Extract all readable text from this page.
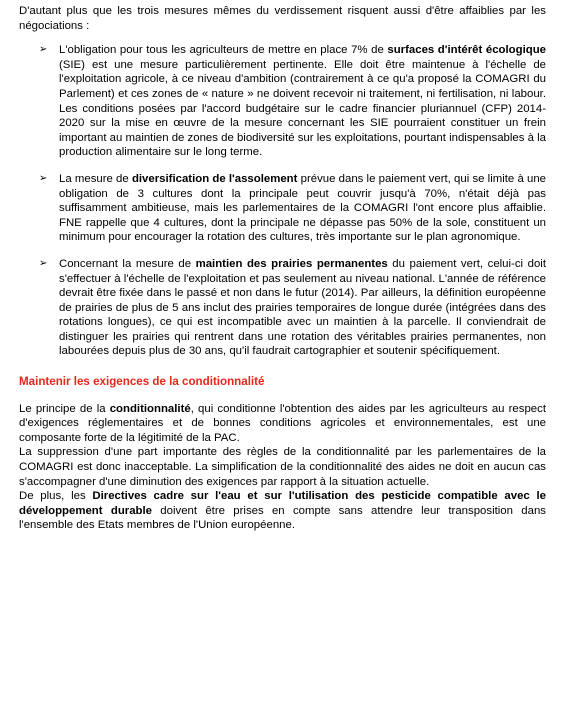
D'autant plus que les trois mesures mêmes du verdissement risquent aussi d'être affaiblies par les négociations :

➢ L'obligation pour tous les agriculteurs de mettre en place 7% de surfaces d'intérêt écologique (SIE) est une mesure particulièrement pertinente. Elle doit être maintenue à l'échelle de l'exploitation agricole, à ce niveau d'ambition (contrairement à ce qu'a proposé la COMAGRI du Parlement) et ces zones de « nature » ne doivent recevoir ni traitement, ni fertilisation, ni labour. Les conditions posées par l'accord budgétaire sur le cadre financier pluriannuel (CFP) 2014-2020 sur la mise en œuvre de la mesure concernant les SIE pourraient constituer un frein important au maintien de zones de biodiversité sur les exploitations, pourtant indispensables à la production alimentaire sur le long terme.
➢ La mesure de diversification de l'assolement prévue dans le paiement vert, qui se limite à une obligation de 3 cultures dont la principale peut couvrir jusqu'à 70%, n'était déjà pas suffisamment ambitieuse, mais les parlementaires de la COMAGRI l'ont encore plus affaiblie. FNE rappelle que 4 cultures, dont la principale ne dépasse pas 50% de la sole, constituent un minimum pour encourager la rotation des cultures, très importante sur le plan agronomique.
➢ Concernant la mesure de maintien des prairies permanentes du paiement vert, celui-ci doit s'effectuer à l'échelle de l'exploitation et pas seulement au niveau national. L'année de référence devrait être fixée dans le passé et non dans le futur (2014). Par ailleurs, la définition européenne de prairies de plus de 5 ans inclut des prairies temporaires de longue durée (intégrées dans des rotations longues), ce qui est incompatible avec un maintien à la parcelle. Il conviendrait de distinguer les prairies qui rentrent dans une rotation des véritables prairies permanentes, non labourées depuis plus de 30 ans, qu'il faudrait cartographier et soutenir spécifiquement.
Maintenir les exigences de la conditionnalité

Le principe de la conditionnalité, qui conditionne l'obtention des aides par les agriculteurs au respect d'exigences réglementaires et de bonnes conditions agricoles et environnementales, est une composante forte de la légitimité de la PAC.

La suppression d'une part importante des règles de la conditionnalité par les parlementaires de la COMAGRI est donc inacceptable. La simplification de la conditionnalité des aides ne doit en aucun cas s'accompagner d'une diminution des exigences par rapport à la situation actuelle.

De plus, les Directives cadre sur l'eau et sur l'utilisation des pesticide compatible avec le développement durable doivent être prises en compte sans attendre leur transposition dans l'ensemble des Etats membres de l'Union européenne.
